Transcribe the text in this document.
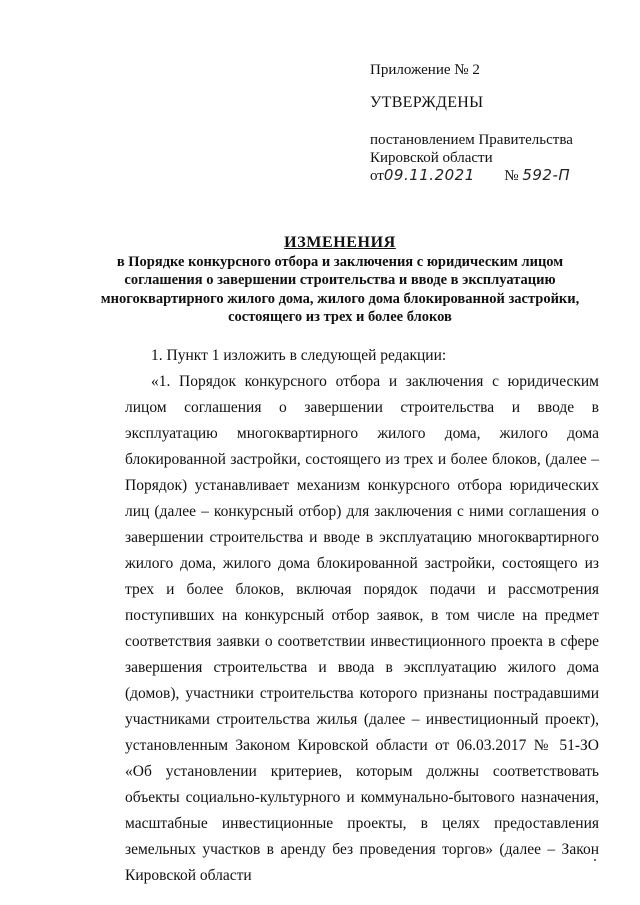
Приложение № 2
УТВЕРЖДЕНЫ
постановлением Правительства
Кировской области
от09.11.2021 № 592-П
ИЗМЕНЕНИЯ
в Порядке конкурсного отбора и заключения с юридическим лицом
соглашения о завершении строительства и вводе в эксплуатацию
многоквартирного жилого дома, жилого дома блокированной застройки,
состоящего из трех и более блоков

1. Пункт 1 изложить в следующей редакции:

«1. Порядок конкурсного отбора и заключения с юридическим лицом соглашения о завершении строительства и вводе в эксплуатацию многоквартирного жилого дома, жилого дома блокированной застройки, состоящего из трех и более блоков, (далее – Порядок) устанавливает механизм конкурсного отбора юридических лиц (далее – конкурсный отбор) для заключения с ними соглашения о завершении строительства и вводе в эксплуатацию многоквартирного жилого дома, жилого дома блокированной застройки, состоящего из трех и более блоков, включая порядок подачи и рассмотрения поступивших на конкурсный отбор заявок, в том числе на предмет соответствия заявки о соответствии инвестиционного проекта в сфере завершения строительства и ввода в эксплуатацию жилого дома (домов), участники строительства которого признаны пострадавшими участниками строительства жилья (далее – инвестиционный проект), установленным Законом Кировской области от 06.03.2017 № 51-ЗО «Об установлении критериев, которым должны соответствовать объекты социально-культурного и коммунально-бытового назначения, масштабные инвестиционные проекты, в целях предоставления земельных участков в аренду без проведения торгов» (далее – Закон Кировской области
